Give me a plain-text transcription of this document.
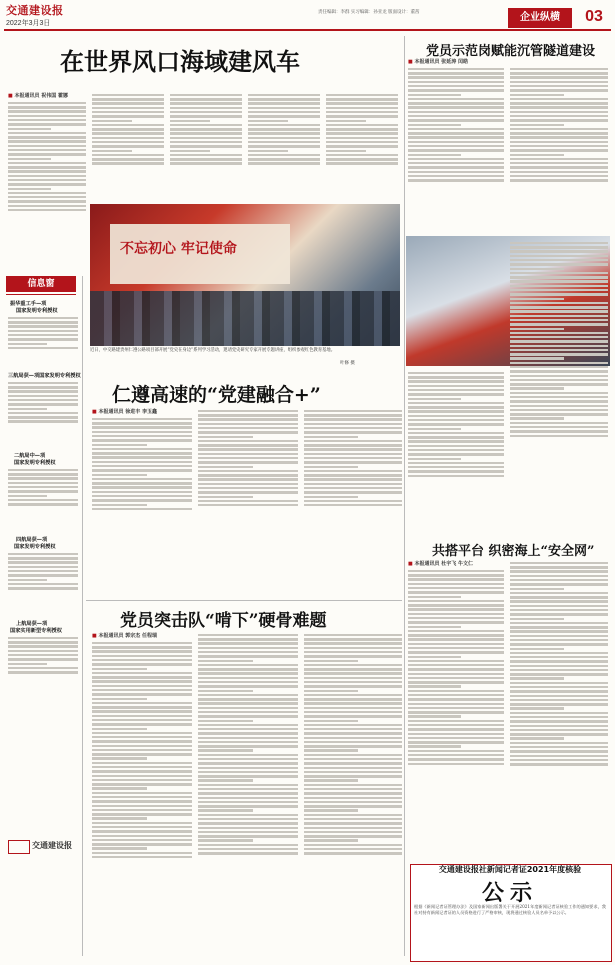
交通建设报
2022年3月3日
责任编辑：李群 实习编辑：孙亚龙 版面设计：董茜
企业纵横	03
在世界风口海域建风车
■ 本报通讯员 祝伟国 霍娜
党员示范岗赋能沉管隧道建设
■ 本报通讯员 张延涛 闰皓
信息窗
振华重工手—项
国家发明专利授权
三航局获—项国家发明专利授权
二航局中—项
国家发明专利授权
四航局获—项
国家发明专利授权
上航局获—项
国家实用新型专利授权
交通建设报
不忘初心 牢记使命
近日，中交路建贵州仁遵公路项目部开展“党史在身边”系列学习活动，邀请党史研究专家开展专题讲座，组织参观红色教育基地。
叶修 摄
仁遵高速的“党建融合+”
■ 本报通讯员 徐进丰 李玉鑫
共搭平台 织密海上“安全网”
■ 本报通讯员 杜宇飞 牛文仁
党员突击队“啃下”硬骨难题
■ 本报通讯员 郭宗杰 任程瑞
交通建设报社新闻记者证2021年度核验
公示
根据《新闻记者证管理办法》及国家新闻出版署关于开展2021年度新闻记者证核验工作的通知要求，我社对持有新闻记者证的人员资格进行了严格审核，现将通过核验人员名单予以公示。
